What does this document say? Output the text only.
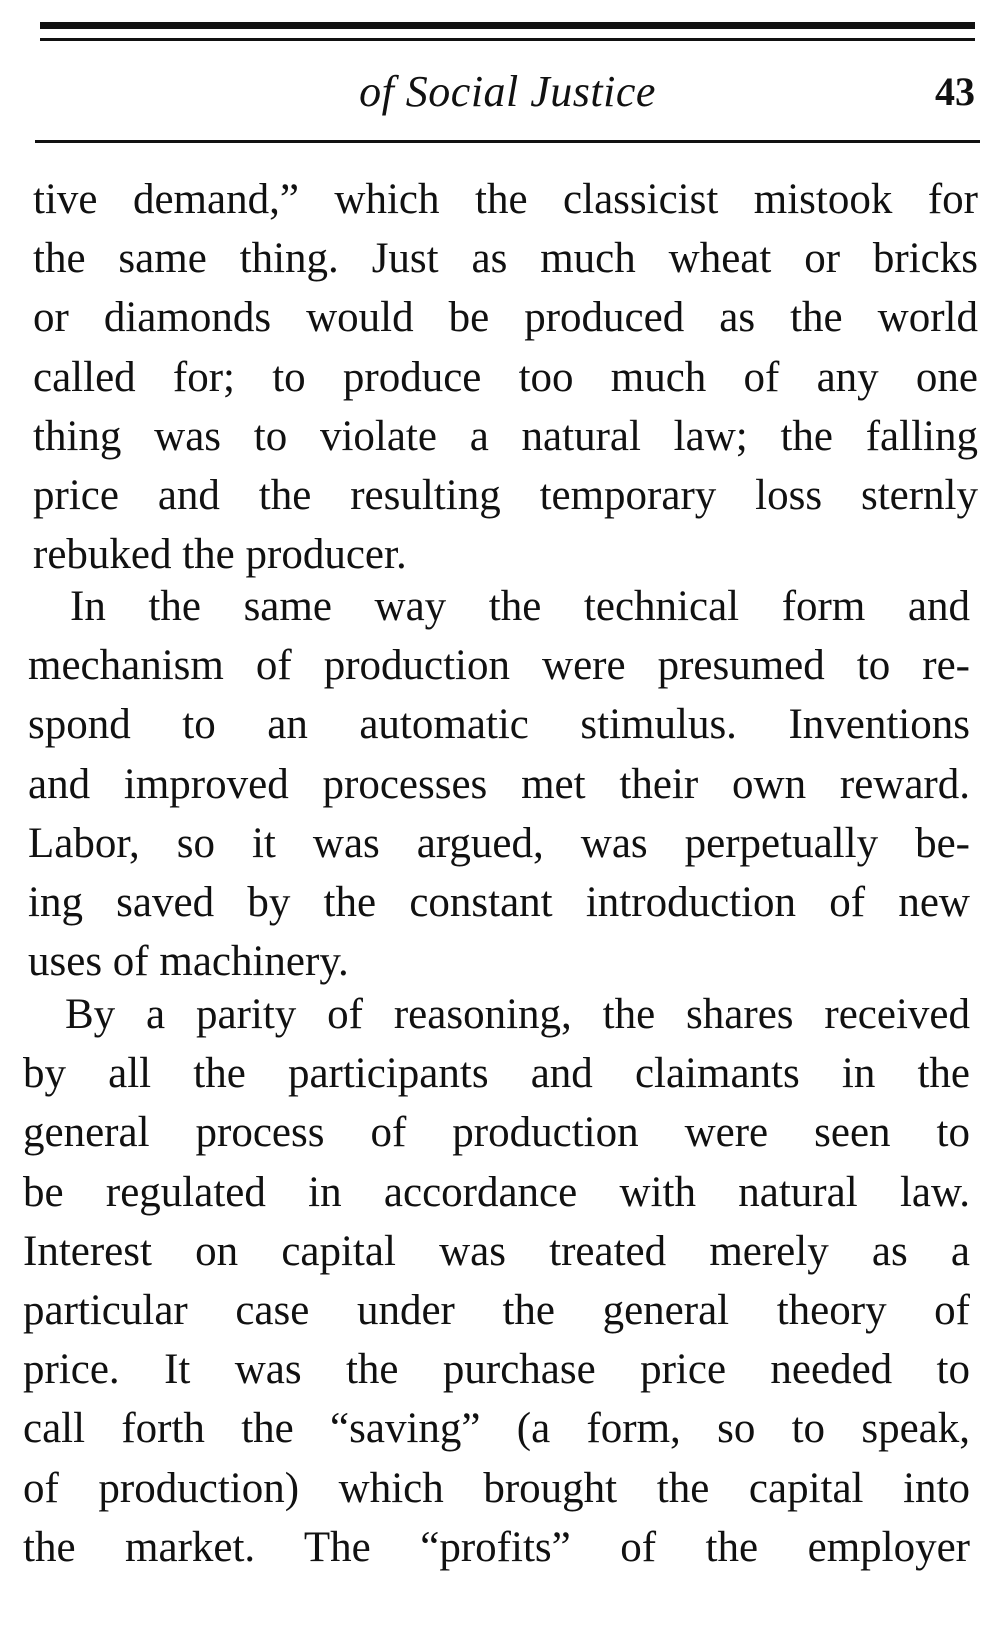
of Social Justice	43
tive demand,” which the classicist mistook for
the same thing. Just as much wheat or bricks
or diamonds would be produced as the world
called for; to produce too much of any one
thing was to violate a natural law; the falling
price and the resulting temporary loss sternly
rebuked the producer.
In the same way the technical form and
mechanism of production were presumed to re-
spond to an automatic stimulus. Inventions
and improved processes met their own reward.
Labor, so it was argued, was perpetually be-
ing saved by the constant introduction of new
uses of machinery.
By a parity of reasoning, the shares received
by all the participants and claimants in the
general process of production were seen to
be regulated in accordance with natural law.
Interest on capital was treated merely as a
particular case under the general theory of
price. It was the purchase price needed to
call forth the “saving” (a form, so to speak,
of production) which brought the capital into
the market. The “profits” of the employer
